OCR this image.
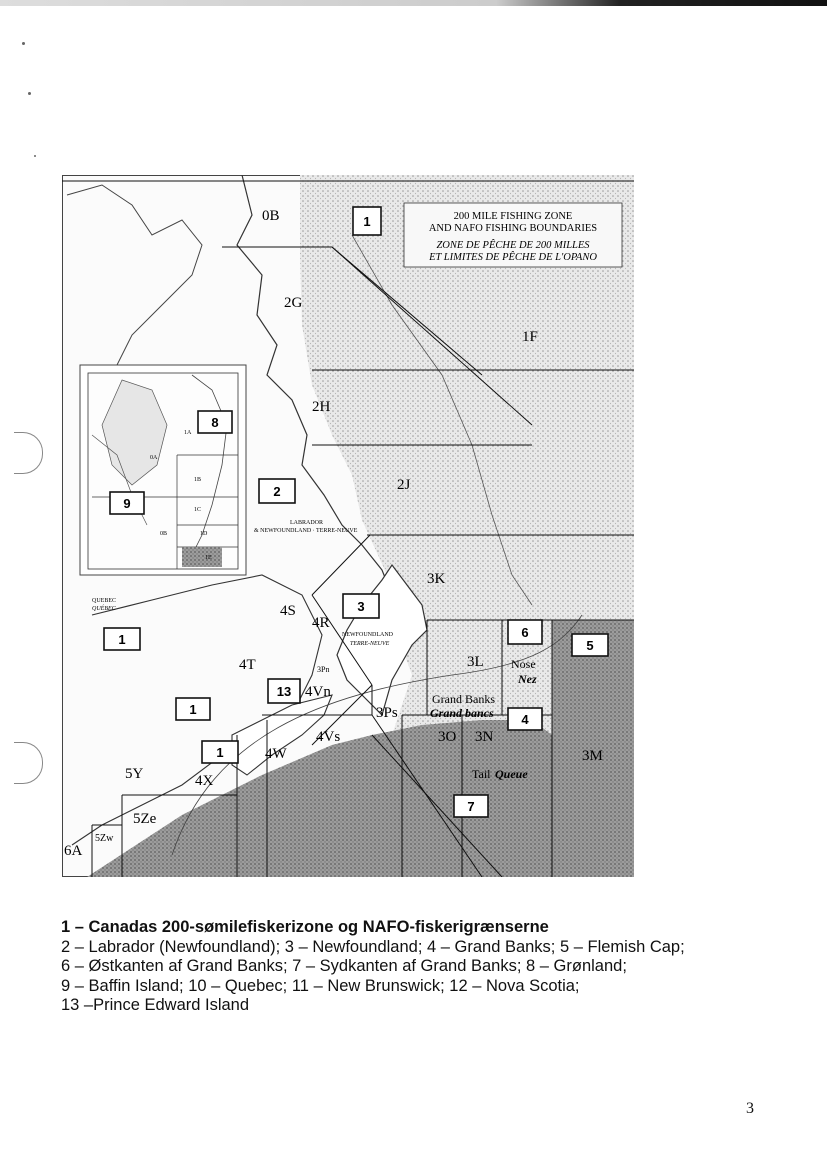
200 MILE FISHING ZONE
AND NAFO FISHING BOUNDARIES
ZONE DE PÊCHE DE 200 MILLES
ET LIMITES DE PÊCHE DE L'OPANO
1A
0A
1B
1C
0B	1D
1E
0B
1F
2G
2H
2J
3K
3L
3M
3N
3O
3Ps
3Pn
4R
4S
4T
4Vn
4Vs
4W
4X
5Y
5Ze
5Zw
6A
LABRADOR
& NEWFOUNDLAND · TERRE-NEUVE
NEWFOUNDLAND
TERRE-NEUVE
QUEBEC
QUÉBEC
Nose
Nez
Grand Banks
Grand bancs
Tail Queue
1
8
2
9
3
6
5
1
13
1
4
1
7
1 – Canadas 200-sømilefiskerizone og NAFO-fiskerigrænserne
2 – Labrador (Newfoundland); 3 – Newfoundland; 4 – Grand Banks; 5 – Flemish Cap;
6 – Østkanten af Grand Banks; 7 – Sydkanten af Grand Banks; 8 – Grønland;
9 – Baffin Island; 10 – Quebec; 11 – New Brunswick; 12 – Nova Scotia;
13 –Prince Edward Island
3
